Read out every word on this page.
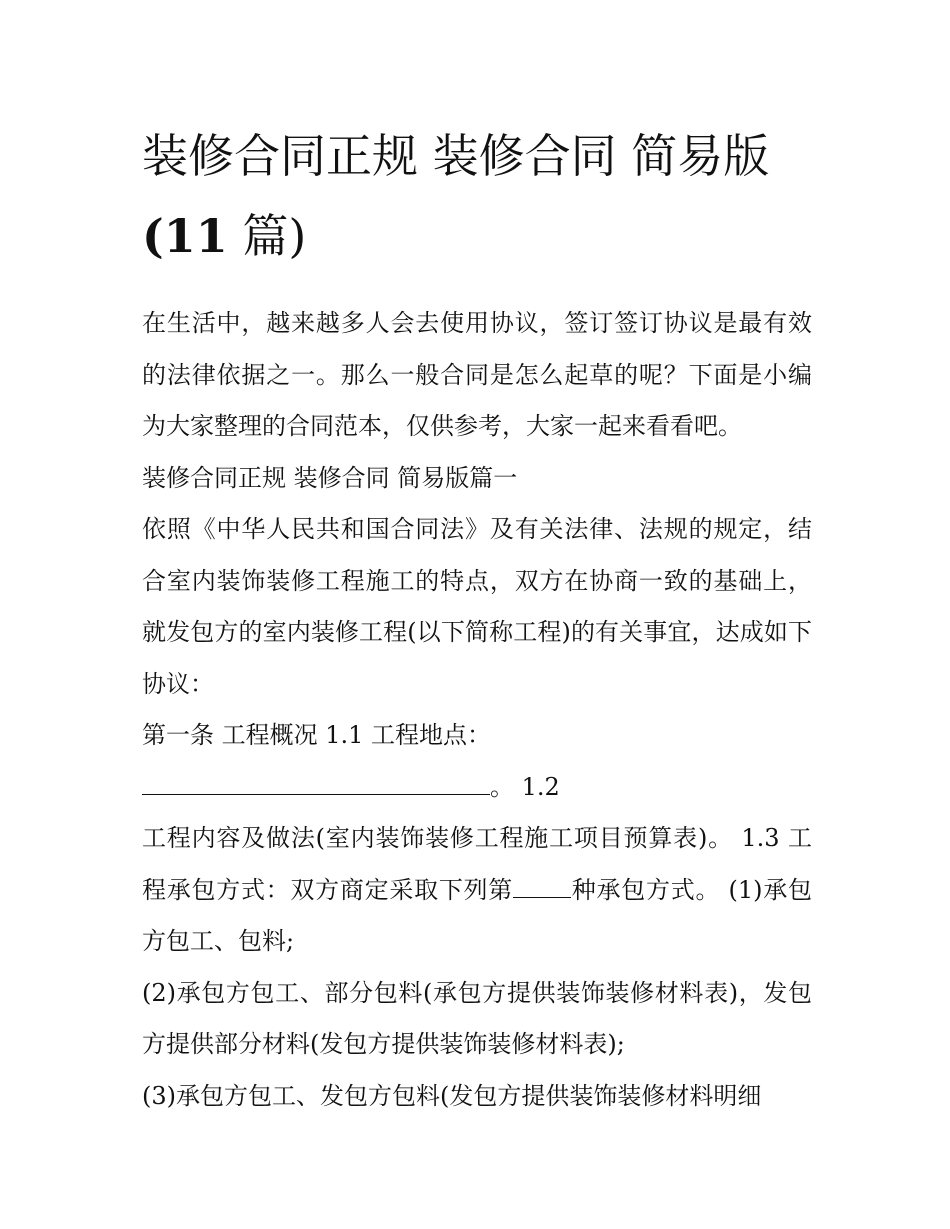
装修合同正规 装修合同 简易版(11 篇)

在生活中，越来越多人会去使用协议，签订签订协议是最有效的法律依据之一。那么一般合同是怎么起草的呢？下面是小编为大家整理的合同范本，仅供参考，大家一起来看看吧。

装修合同正规 装修合同 简易版篇一

依照《中华人民共和国合同法》及有关法律、法规的规定，结合室内装饰装修工程施工的特点，双方在协商一致的基础上，就发包方的室内装修工程(以下简称工程)的有关事宜，达成如下协议：

第一条 工程概况 1.1 工程地点：

。 1.2

工程内容及做法(室内装饰装修工程施工项目预算表)。 1.3 工程承包方式：双方商定采取下列第 种承包方式。 (1)承包方包工、包料;

(2)承包方包工、部分包料(承包方提供装饰装修材料表)，发包方提供部分材料(发包方提供装饰装修材料表);

(3)承包方包工、发包方包料(发包方提供装饰装修材料明细
